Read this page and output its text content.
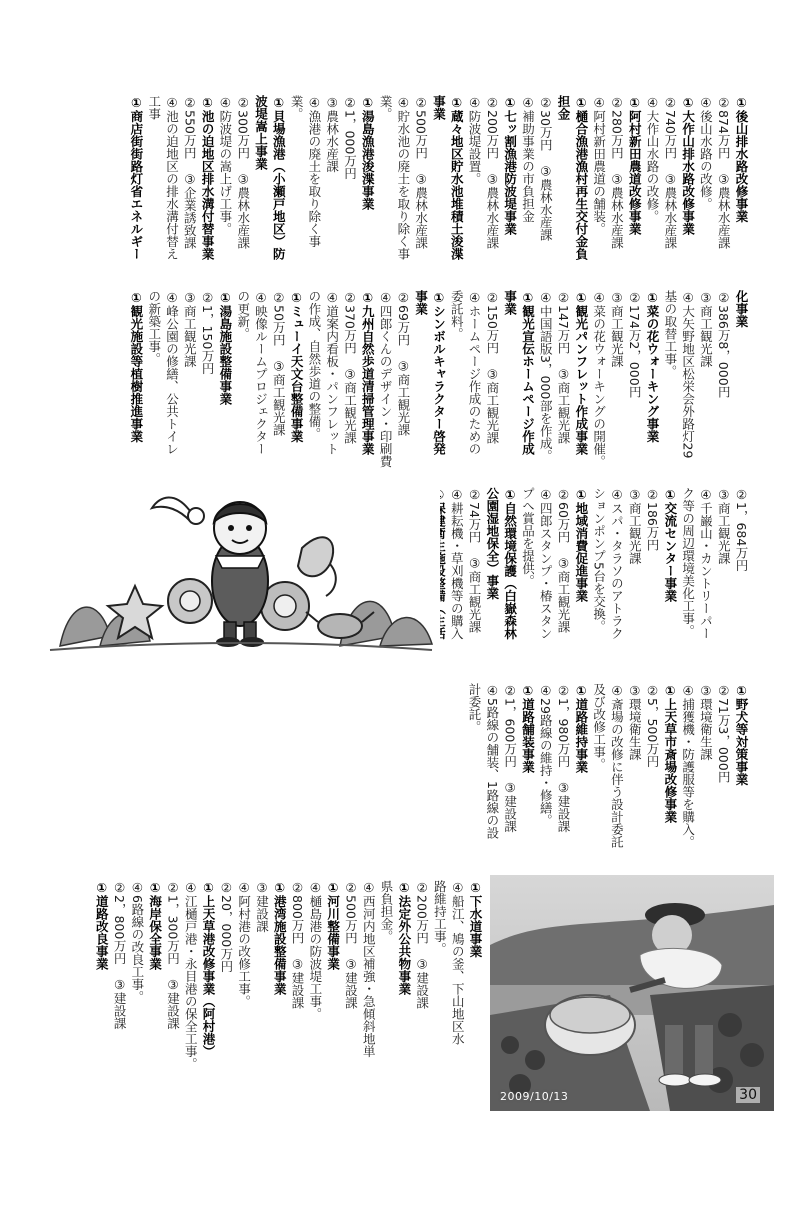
①後山排水路改修事業
②874万円　③農林水産課
④後山水路の改修。
①大作山排水路改修事業
②740万円　③農林水産課
④大作山水路の改修。
①阿村新田農道改修事業
②280万円　③農林水産課
④阿村新田農道の舗装。
①樋合漁港漁村再生交付金負
担金
②30万円　③農林水産課
④補助事業の市負担金
①七ッ割漁港防波堤事業
②200万円　③農林水産課
④防波堤設置。
①蔵々地区貯水池堆積土浚渫
事業
②500万円　③農林水産課
④貯水池の廃土を取り除く事
業。
①湯島漁港浚渫事業
②1，000万円
③農林水産課
④漁港の廃土を取り除く事
業。
①貝場漁港（小瀬戸地区）防
波堤嵩上事業
②300万円　③農林水産課
④防波堤の嵩上げ工事。
①池の迫地区排水溝付替事業
②550万円　③企業誘致課
④池の迫地区の排水溝付替え
工事
①商店街街路灯省エネルギー
化事業
②386万8，000円
③商工観光課
④大矢野地区松栄会外路灯29
基の取替工事。
①菜の花ウォーキング事業
②174万2，000円
③商工観光課
④菜の花ウォーキングの開催。
①観光パンフレット作成事業
②147万円　③商工観光課
④中国語版3，000部を作成。
①観光宣伝ホームページ作成
事業
②150万円　③商工観光課
④ホームページ作成のための
委託料。
①シンボルキャラクター啓発
事業
②69万円　③商工観光課
④四郎くんのデザイン・印刷費
①九州自然歩道清掃管理事業
②370万円　③商工観光課
④道案内看板・パンフレット
の作成、自然歩道の整備。
①ミューイ天文台整備事業
②50万円　③商工観光課
④映像ルームプロジェクター
の更新。
①湯島施設整備事業
②1，150万円
③商工観光課
④峰公園の修繕、公共トイレ
の新築工事。
①観光施設等植樹推進事業
②1，684万円
③商工観光課
④千巌山・カントリーパー
ク等の周辺環境美化工事。
①交流センター事業
②186万円
③商工観光課
④スパ・タラソのアトラク
ションポンプ5台を交換。
①地域消費促進事業
②60万円　③商工観光課
④四郎スタンプ・椿スタン
プへ賞品を提供。
①自然環境保護（白嶽森林
公園湿地保全）事業
②74万円　③商工観光課
④耕耘機・草刈機等の購入
①野犬等対策事業
②71万3，000円
③環境衛生課
④捕獲機・防護服等を購入。
①上天草市斎場改修事業
②5，500万円
③環境衛生課
④斎場の改修に伴う設計委託
及び改修工事。
①道路維持事業
②1，980万円　③建設課
④29路線の維持・修繕。
①道路舗装事業
②1，600万円　③建設課
④5路線の舗装、1路線の設
計委託。
①下水道事業
④船江、鳩の釜、下山地区水
路維持工事。
②200万円　③建設課
①法定外公共物事業
県負担金。
④西河内地区補強・急傾斜地単
②500万円　③建設課
①河川整備事業
④樋島港の防波堤工事。
②800万円　③建設課
①港湾施設整備事業
③建設課
④阿村港の改修工事。
②20，000万円
①上天草港改修事業（阿村港）
④江樋戸港・永目港の保全工事。
②1，300万円　③建設課
①海岸保全事業
④6路線の改良工事。
②2，800万円　③建設課
①道路改良事業
2009/10/13	30
